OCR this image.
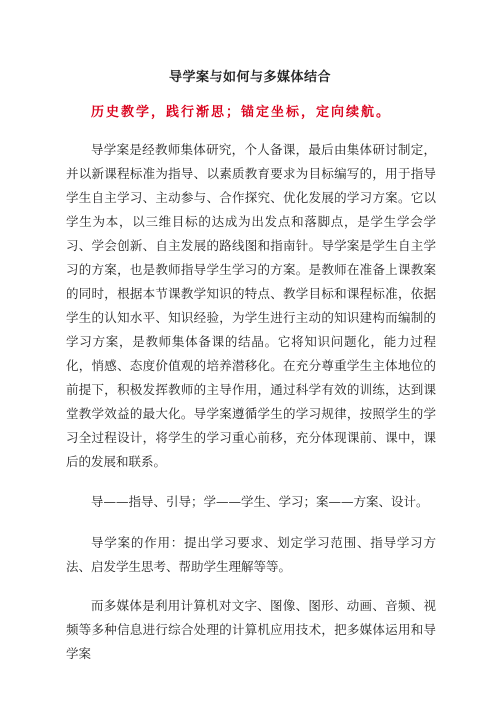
导学案与如何与多媒体结合
历史教学，践行渐思；锚定坐标，定向续航。

导学案是经教师集体研究，个人备课，最后由集体研讨制定，并以新课程标准为指导、以素质教育要求为目标编写的，用于指导学生自主学习、主动参与、合作探究、优化发展的学习方案。它以学生为本，以三维目标的达成为出发点和落脚点，是学生学会学习、学会创新、自主发展的路线图和指南针。导学案是学生自主学习的方案，也是教师指导学生学习的方案。是教师在准备上课教案的同时，根据本节课教学知识的特点、教学目标和课程标准，依据学生的认知水平、知识经验，为学生进行主动的知识建构而编制的学习方案，是教师集体备课的结晶。它将知识问题化，能力过程化，悄感、态度价值观的培养潜移化。在充分尊重学生主体地位的前提下，积极发挥教师的主导作用，通过科学有效的训练，达到课堂教学效益的最大化。导学案遵循学生的学习规律，按照学生的学习全过程设计，将学生的学习重心前移，充分体现课前、课中，课后的发展和联系。

导——指导、引导；学——学生、学习；案——方案、设计。

导学案的作用：提出学习要求、划定学习范围、指导学习方法、启发学生思考、帮助学生理解等等。

而多媒体是利用计算机对文字、图像、图形、动画、音频、视频等多种信息进行综合处理的计算机应用技术，把多媒体运用和导学案
